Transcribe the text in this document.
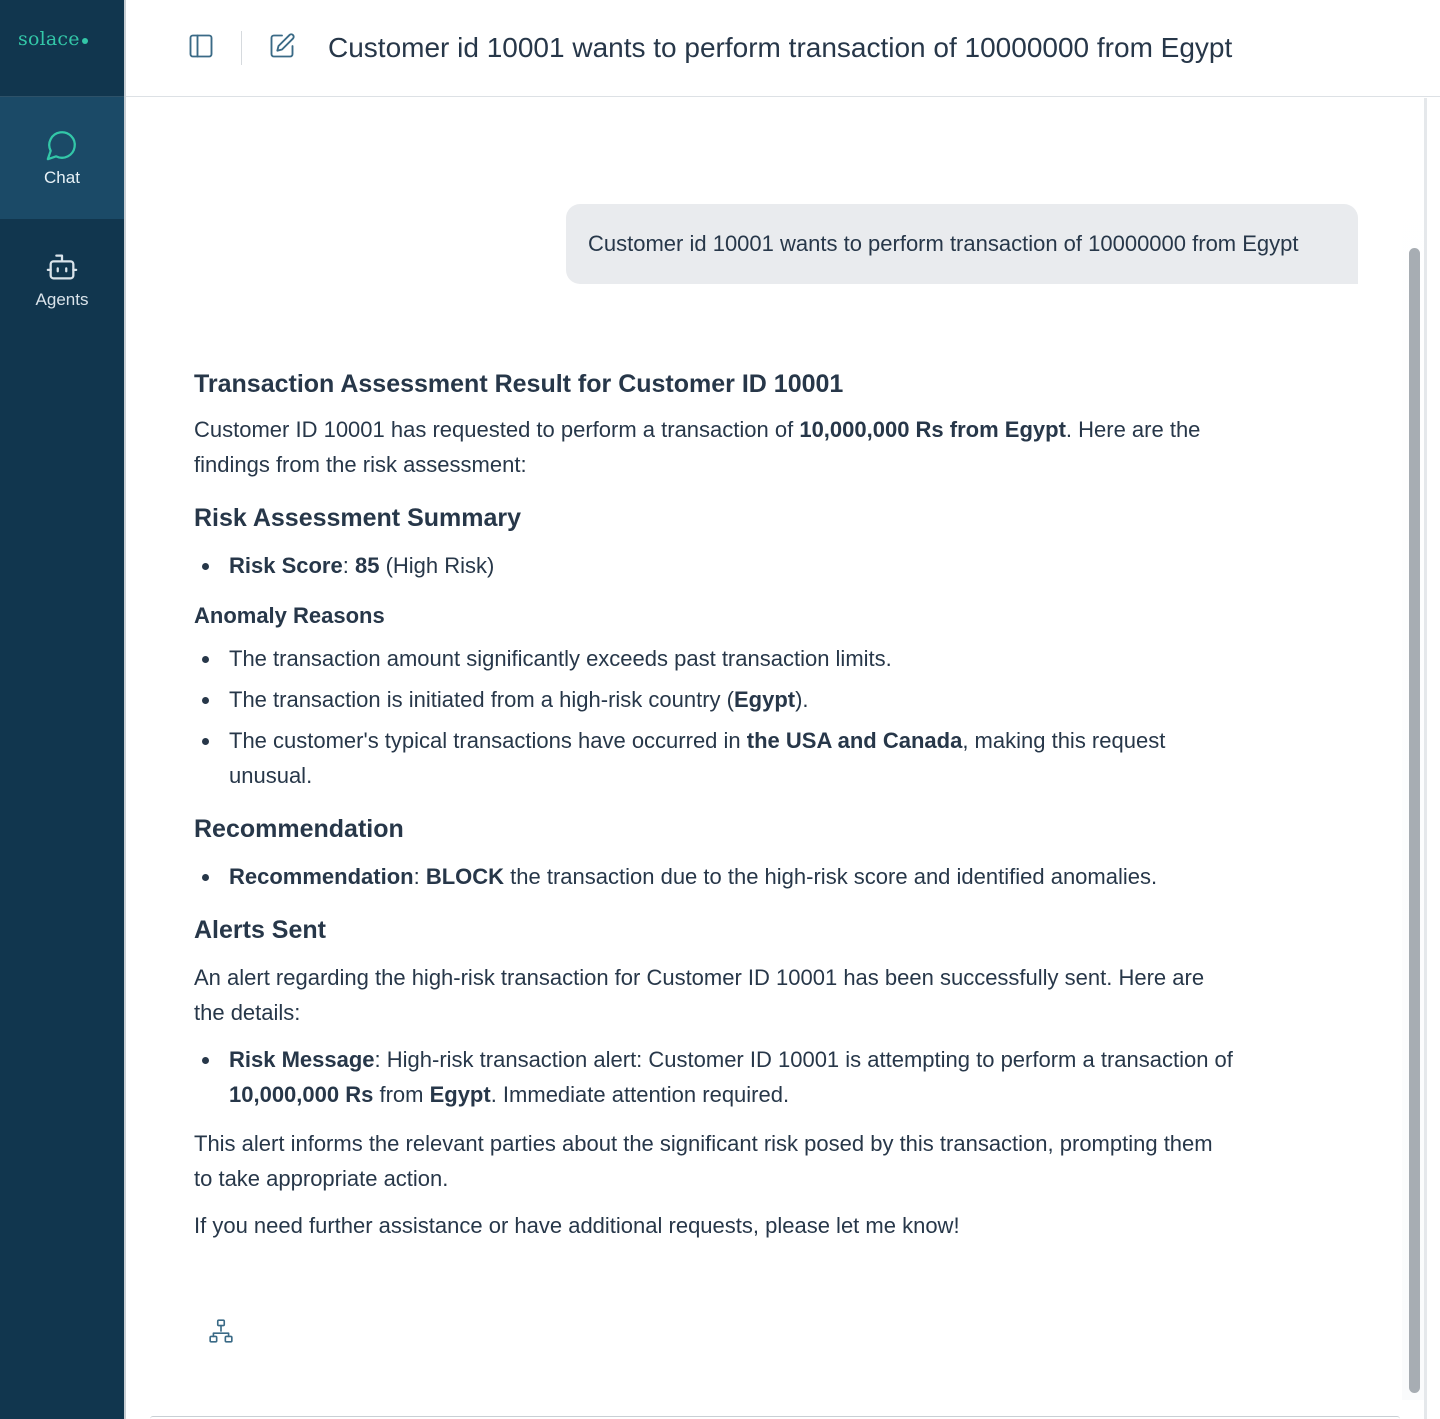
solace
Chat
Agents
Customer id 10001 wants to perform transaction of 10000000 from Egypt
Customer id 10001 wants to perform transaction of 10000000 from Egypt
Transaction Assessment Result for Customer ID 10001

Customer ID 10001 has requested to perform a transaction of 10,000,000 Rs from Egypt. Here are the findings from the risk assessment:

Risk Assessment Summary
Risk Score: 85 (High Risk)
Anomaly Reasons
The transaction amount significantly exceeds past transaction limits.
The transaction is initiated from a high-risk country (Egypt).
The customer's typical transactions have occurred in the USA and Canada, making this request unusual.
Recommendation
Recommendation: BLOCK the transaction due to the high-risk score and identified anomalies.
Alerts Sent

An alert regarding the high-risk transaction for Customer ID 10001 has been successfully sent. Here are the details:

Risk Message: High-risk transaction alert: Customer ID 10001 is attempting to perform a transaction of 10,000,000 Rs from Egypt. Immediate attention required.

This alert informs the relevant parties about the significant risk posed by this transaction, prompting them to take appropriate action.

If you need further assistance or have additional requests, please let me know!
